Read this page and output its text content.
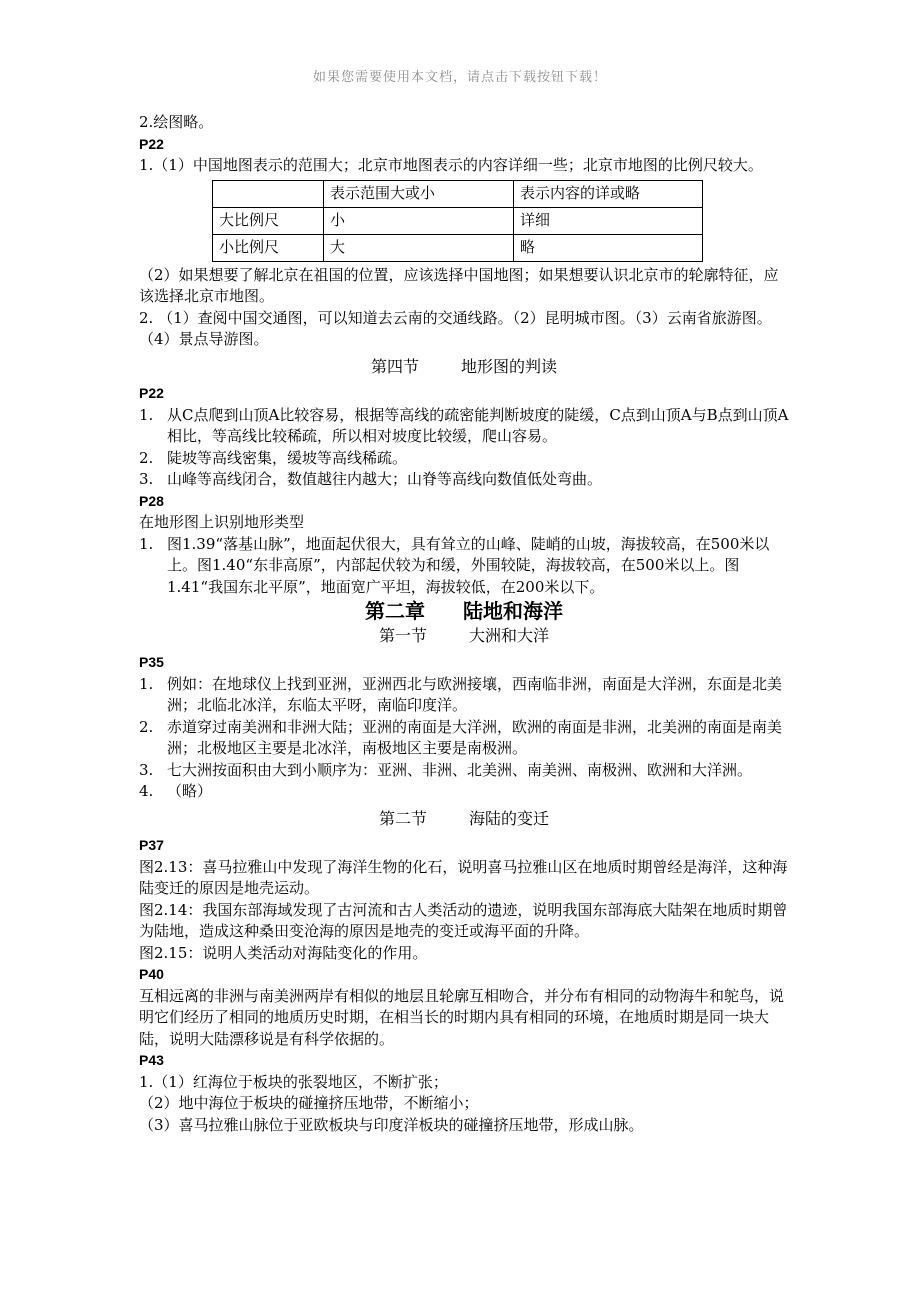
如果您需要使用本文档，请点击下载按钮下载！

2.绘图略。

P22

1.（1）中国地图表示的范围大；北京市地图表示的内容详细一些；北京市地图的比例尺较大。

	表示范围大或小	表示内容的详或略
大比例尺	小	详细
小比例尺	大	略

（2）如果想要了解北京在祖国的位置，应该选择中国地图；如果想要认识北京市的轮廓特征，应该选择北京市地图。

2. （1）查阅中国交通图，可以知道去云南的交通线路。（2）昆明城市图。（3）云南省旅游图。（4）景点导游图。

第四节	地形图的判读

P22

1. 从C点爬到山顶A比较容易，根据等高线的疏密能判断坡度的陡缓，C点到山顶A与B点到山顶A相比，等高线比较稀疏，所以相对坡度比较缓，爬山容易。
2. 陡坡等高线密集，缓坡等高线稀疏。
3. 山峰等高线闭合，数值越往内越大；山脊等高线向数值低处弯曲。

P28

在地形图上识别地形类型

1. 图1.39“落基山脉”，地面起伏很大，具有耸立的山峰、陡峭的山坡，海拔较高，在500米以上。图1.40“东非高原”，内部起伏较为和缓，外围较陡，海拔较高，在500米以上。图1.41“我国东北平原”，地面宽广平坦，海拔较低，在200米以下。
第二章 陆地和海洋
第一节	大洲和大洋

P35

1. 例如：在地球仪上找到亚洲，亚洲西北与欧洲接壤，西南临非洲，南面是大洋洲，东面是北美洲；北临北冰洋，东临太平呀，南临印度洋。
2. 赤道穿过南美洲和非洲大陆；亚洲的南面是大洋洲，欧洲的南面是非洲，北美洲的南面是南美洲；北极地区主要是北冰洋，南极地区主要是南极洲。
3. 七大洲按面积由大到小顺序为：亚洲、非洲、北美洲、南美洲、南极洲、欧洲和大洋洲。
4. （略）
第二节	海陆的变迁

P37

图2.13：喜马拉雅山中发现了海洋生物的化石，说明喜马拉雅山区在地质时期曾经是海洋，这种海陆变迁的原因是地壳运动。

图2.14：我国东部海域发现了古河流和古人类活动的遗迹，说明我国东部海底大陆架在地质时期曾为陆地，造成这种桑田变沧海的原因是地壳的变迁或海平面的升降。

图2.15：说明人类活动对海陆变化的作用。

P40

互相远离的非洲与南美洲两岸有相似的地层且轮廓互相吻合，并分布有相同的动物海牛和鸵鸟，说明它们经历了相同的地质历史时期，在相当长的时期内具有相同的环境，在地质时期是同一块大陆，说明大陆漂移说是有科学依据的。

P43

1.（1）红海位于板块的张裂地区，不断扩张；

（2）地中海位于板块的碰撞挤压地带，不断缩小；

（3）喜马拉雅山脉位于亚欧板块与印度洋板块的碰撞挤压地带，形成山脉。
